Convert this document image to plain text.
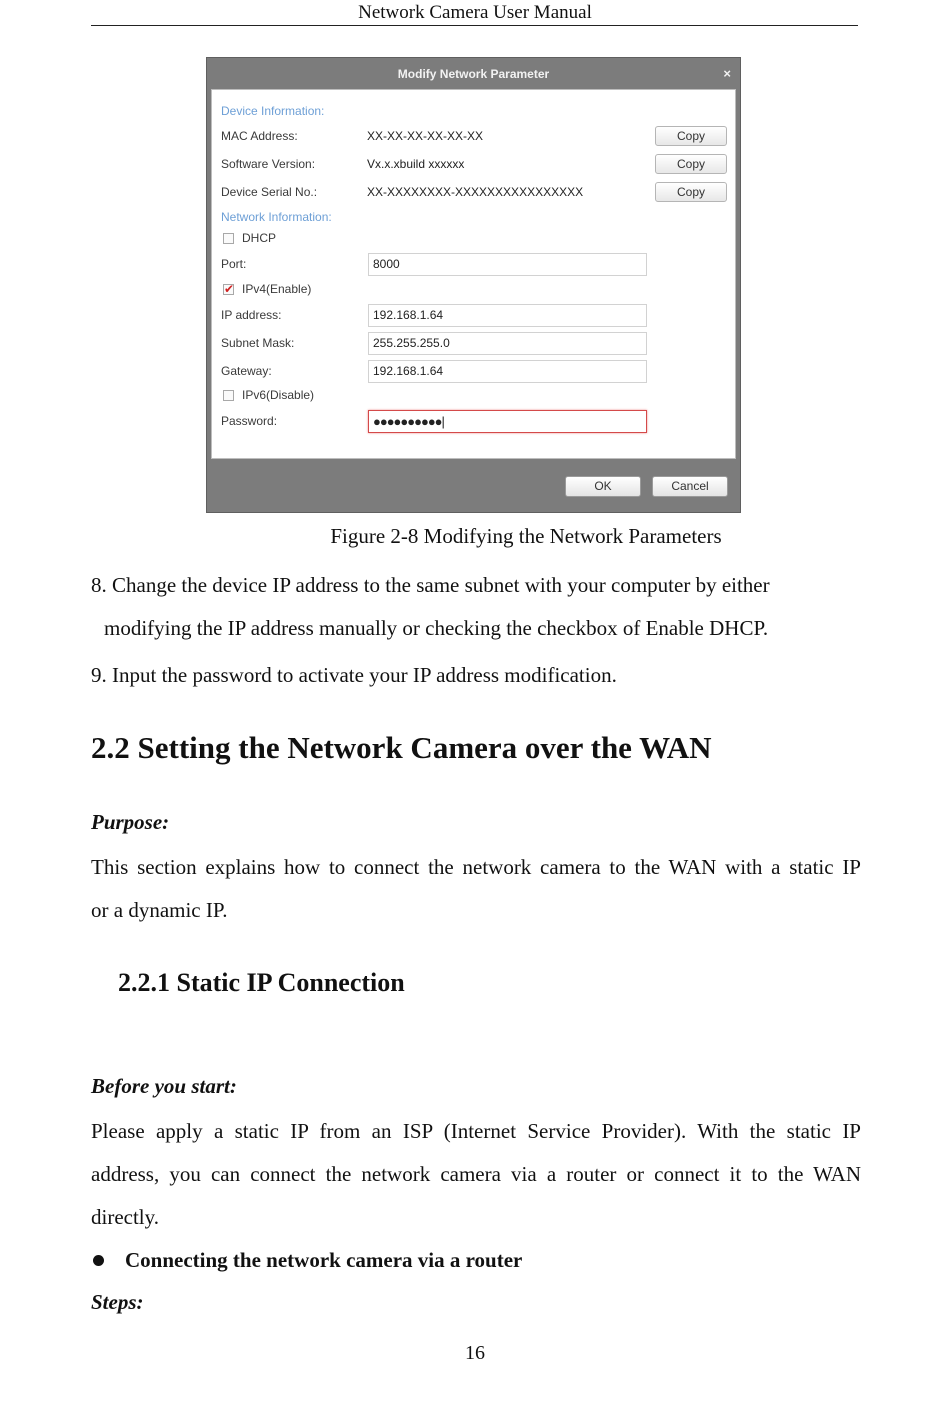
Network Camera User Manual
Modify Network Parameter	×
Device Information:
MAC Address:	XX-XX-XX-XX-XX-XX	Copy
Software Version:	Vx.x.xbuild xxxxxx	Copy
Device Serial No.:	XX-XXXXXXXX-XXXXXXXXXXXXXXXX	Copy
Network Information:
DHCP
Port:	8000
✔ IPv4(Enable)
IP address:	192.168.1.64
Subnet Mask:	255.255.255.0
Gateway:	192.168.1.64
IPv6(Disable)
Password:	●●●●●●●●●●|
OK	Cancel
Figure 2-8 Modifying the Network Parameters
8. Change the device IP address to the same subnet with your computer by either
modifying the IP address manually or checking the checkbox of Enable DHCP.
9. Input the password to activate your IP address modification.
2.2 Setting the Network Camera over the WAN
Purpose:
This section explains how to connect the network camera to the WAN with a static IP
or a dynamic IP.
2.2.1 Static IP Connection
Before you start:
Please apply a static IP from an ISP (Internet Service Provider). With the static IP
address, you can connect the network camera via a router or connect it to the WAN
directly.
Connecting the network camera via a router
Steps:
16
